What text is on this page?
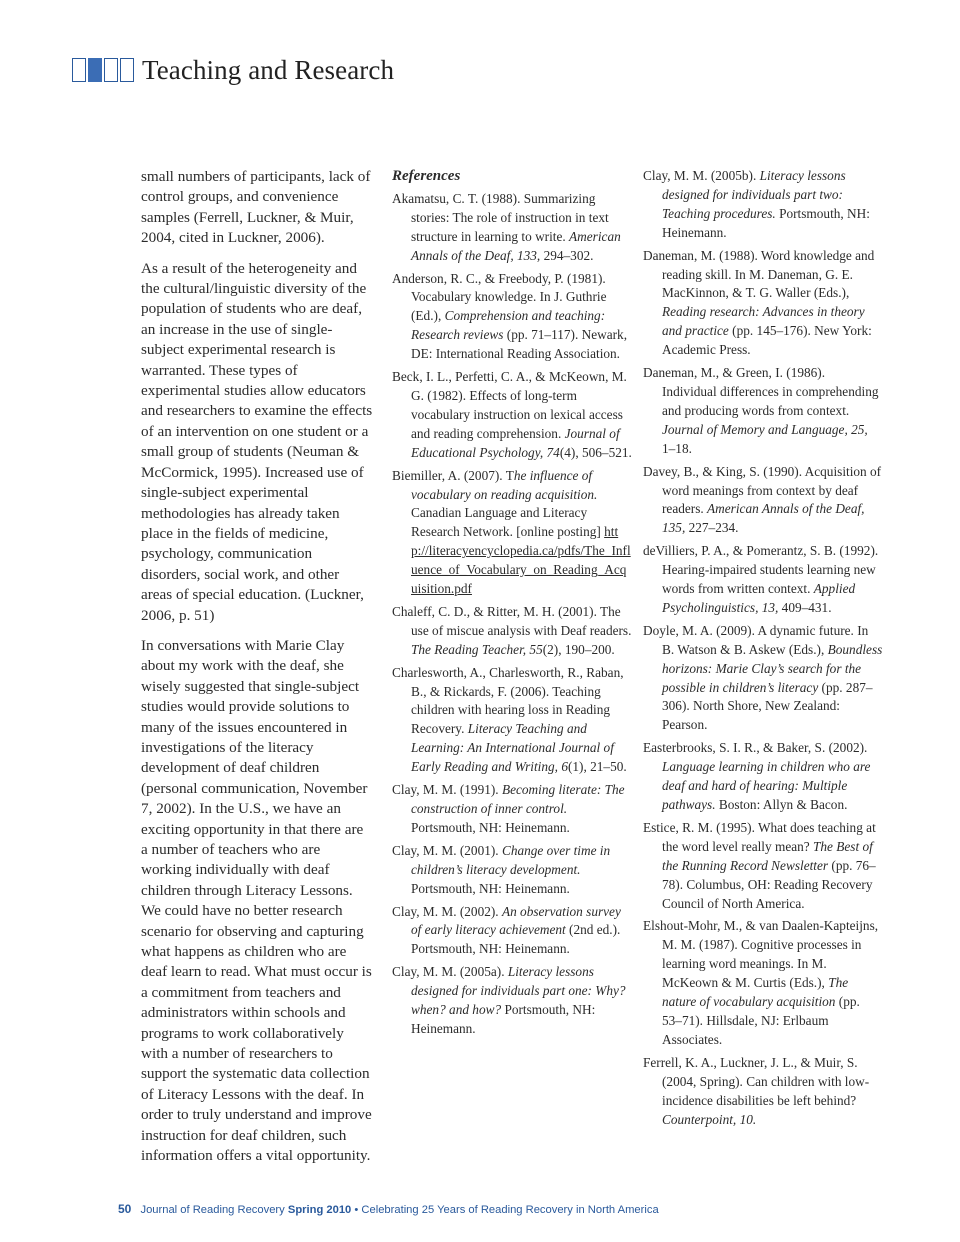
Teaching and Research

small numbers of participants, lack of control groups, and convenience samples (Ferrell, Luckner, & Muir, 2004, cited in Luckner, 2006).

As a result of the heterogeneity and the cultural/linguistic diversity of the population of students who are deaf, an increase in the use of single-subject experimental research is warranted. These types of experimental studies allow educators and researchers to examine the effects of an intervention on one student or a small group of students (Neuman & McCormick, 1995). Increased use of single-subject experimental methodologies has already taken place in the fields of medicine, psychology, communication disorders, social work, and other areas of special education. (Luckner, 2006, p. 51)

In conversations with Marie Clay about my work with the deaf, she wisely suggested that single-subject studies would provide solutions to many of the issues encountered in investigations of the literacy development of deaf children (personal communication, November 7, 2002). In the U.S., we have an exciting opportunity in that there are a number of teachers who are working individually with deaf children through Literacy Lessons. We could have no better research scenario for observing and capturing what happens as children who are deaf learn to read. What must occur is a commitment from teachers and administrators within schools and programs to work collaboratively with a number of researchers to support the systematic data collection of Literacy Lessons with the deaf. In order to truly understand and improve instruction for deaf children, such information offers a vital opportunity.

References
Akamatsu, C. T. (1988). Summarizing stories: The role of instruction in text structure in learning to write. American Annals of the Deaf, 133, 294–302.
Anderson, R. C., & Freebody, P. (1981). Vocabulary knowledge. In J. Guthrie (Ed.), Comprehension and teaching: Research reviews (pp. 71–117). Newark, DE: International Reading Association.
Beck, I. L., Perfetti, C. A., & McKeown, M. G. (1982). Effects of long-term vocabulary instruction on lexical access and reading comprehension. Journal of Educational Psychology, 74(4), 506–521.
Biemiller, A. (2007). The influence of vocabulary on reading acquisition. Canadian Language and Literacy Research Network. [online posting] http://literacyencyclopedia.ca/pdfs/The_Influence_of_Vocabulary_on_Reading_Acquisition.pdf
Chaleff, C. D., & Ritter, M. H. (2001). The use of miscue analysis with Deaf readers. The Reading Teacher, 55(2), 190–200.
Charlesworth, A., Charlesworth, R., Raban, B., & Rickards, F. (2006). Teaching children with hearing loss in Reading Recovery. Literacy Teaching and Learning: An International Journal of Early Reading and Writing, 6(1), 21–50.
Clay, M. M. (1991). Becoming literate: The construction of inner control. Portsmouth, NH: Heinemann.
Clay, M. M. (2001). Change over time in children’s literacy development. Portsmouth, NH: Heinemann.
Clay, M. M. (2002). An observation survey of early literacy achievement (2nd ed.). Portsmouth, NH: Heinemann.
Clay, M. M. (2005a). Literacy lessons designed for individuals part one: Why? when? and how? Portsmouth, NH: Heinemann.
Clay, M. M. (2005b). Literacy lessons designed for individuals part two: Teaching procedures. Portsmouth, NH: Heinemann.
Daneman, M. (1988). Word knowledge and reading skill. In M. Daneman, G. E. MacKinnon, & T. G. Waller (Eds.), Reading research: Advances in theory and practice (pp. 145–176). New York: Academic Press.
Daneman, M., & Green, I. (1986). Individual differences in comprehending and producing words from context. Journal of Memory and Language, 25, 1–18.
Davey, B., & King, S. (1990). Acquisition of word meanings from context by deaf readers. American Annals of the Deaf, 135, 227–234.
deVilliers, P. A., & Pomerantz, S. B. (1992). Hearing-impaired students learning new words from written context. Applied Psycholinguistics, 13, 409–431.
Doyle, M. A. (2009). A dynamic future. In B. Watson & B. Askew (Eds.), Boundless horizons: Marie Clay’s search for the possible in children’s literacy (pp. 287–306). North Shore, New Zealand: Pearson.
Easterbrooks, S. I. R., & Baker, S. (2002). Language learning in children who are deaf and hard of hearing: Multiple pathways. Boston: Allyn & Bacon.
Estice, R. M. (1995). What does teaching at the word level really mean? The Best of the Running Record Newsletter (pp. 76–78). Columbus, OH: Reading Recovery Council of North America.
Elshout-Mohr, M., & van Daalen-Kapteijns, M. M. (1987). Cognitive processes in learning word meanings. In M. McKeown & M. Curtis (Eds.), The nature of vocabulary acquisition (pp. 53–71). Hillsdale, NJ: Erlbaum Associates.
Ferrell, K. A., Luckner, J. L., & Muir, S. (2004, Spring). Can children with low-incidence disabilities be left behind? Counterpoint, 10.
50 Journal of Reading Recovery Spring 2010 • Celebrating 25 Years of Reading Recovery in North America
